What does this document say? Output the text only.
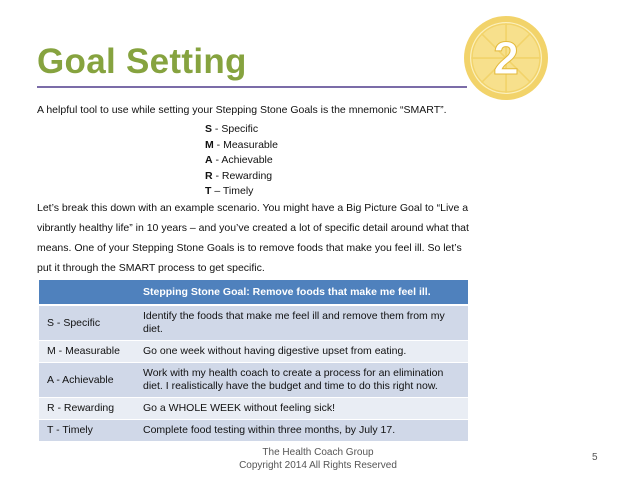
Goal Setting	2

A helpful tool to use while setting your Stepping Stone Goals is the mnemonic “SMART”.

S - Specific
M - Measurable
A - Achievable
R - Rewarding
T – Timely

Let’s break this down with an example scenario. You might have a Big Picture Goal to “Live a
vibrantly healthy life” in 10 years – and you’ve created a lot of specific detail around what that
means. One of your Stepping Stone Goals is to remove foods that make you feel ill. So let’s
put it through the SMART process to get specific.

	Stepping Stone Goal: Remove foods that make me feel ill.
S - Specific	Identify the foods that make me feel ill and remove them from my diet.
M - Measurable	Go one week without having digestive upset from eating.
A - Achievable	Work with my health coach to create a process for an elimination diet. I realistically have the budget and time to do this right now.
R - Rewarding	Go a WHOLE WEEK without feeling sick!
T - Timely	Complete food testing within three months, by July 17.
The Health Coach Group
Copyright 2014 All Rights Reserved
5
